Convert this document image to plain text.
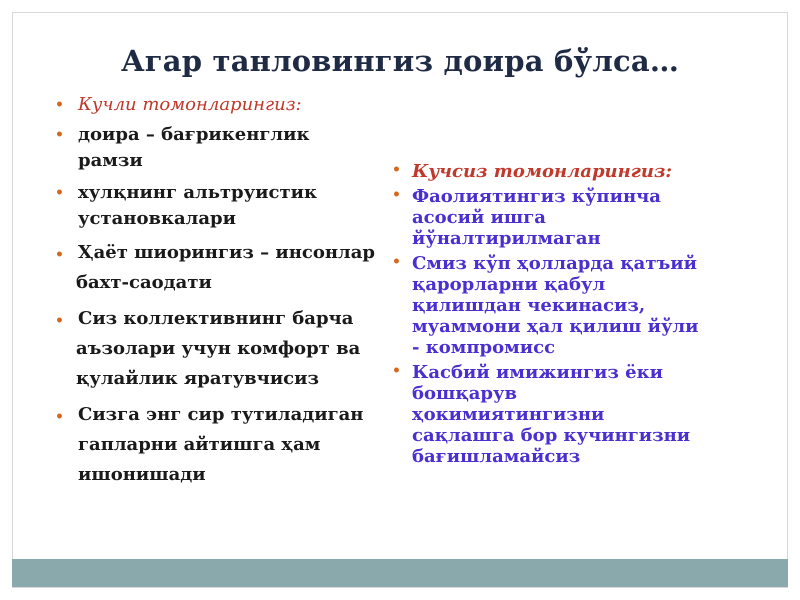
Агар танловингиз доира бўлса…
• Кучли томонларингиз:
• доира – бағрикенглик
рамзи
• хулқнинг альтруистик
установкалари
• Ҳаёт шиорингиз – инсонлар
бахт-саодати
• Сиз коллективнинг барча
аъзолари учун комфорт ва
қулайлик яратувчисиз
• Сизга энг сир тутиладиган
гапларни айтишга ҳам
ишонишади
• Кучсиз томонларингиз:
• Фаолиятингиз кўпинча
асосий ишга
йўналтирилмаган
• Смиз кўп ҳолларда қатъий
қарорларни қабул
қилишдан чекинасиз,
муаммони ҳал қилиш йўли
- компромисс
• Касбий имижингиз ёки
бошқарув
ҳокимиятингизни
сақлашга бор кучингизни
бағишламайсиз
